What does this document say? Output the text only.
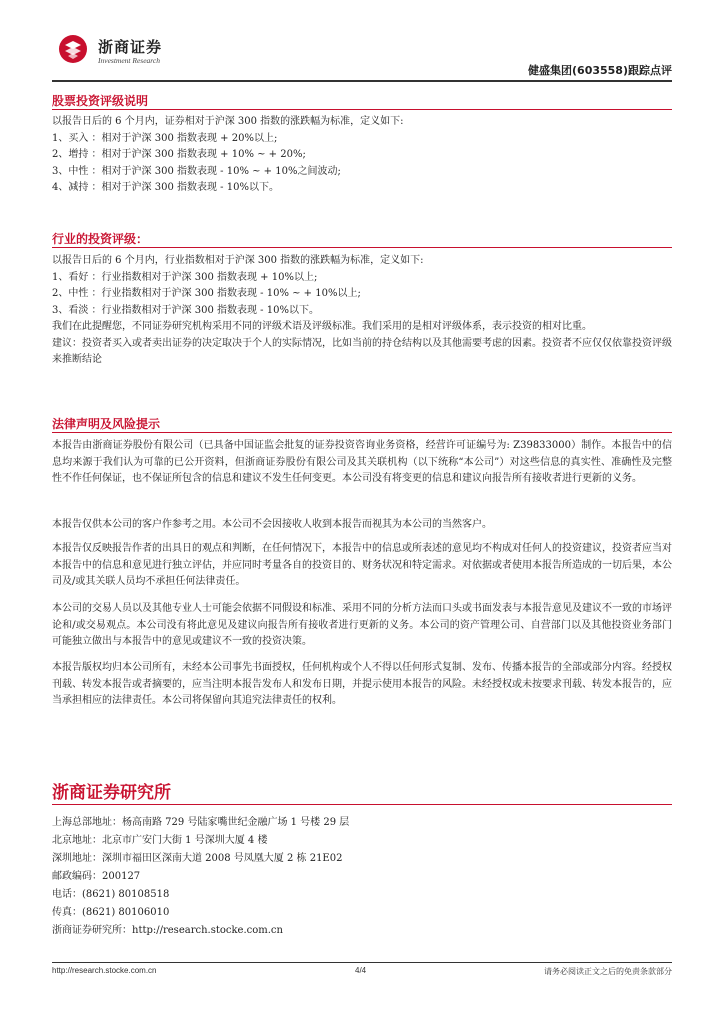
浙商证券
Investment Research
健盛集团(603558)跟踪点评
股票投资评级说明

以报告日后的 6 个月内，证券相对于沪深 300 指数的涨跌幅为标准，定义如下:

1、买入 ：相对于沪深 300 指数表现 + 20%以上;

2、增持 ：相对于沪深 300 指数表现 + 10% ~ + 20%;

3、中性 ：相对于沪深 300 指数表现 - 10% ~ + 10%之间波动;

4、减持 ：相对于沪深 300 指数表现 - 10%以下。

行业的投资评级：

以报告日后的 6 个月内，行业指数相对于沪深 300 指数的涨跌幅为标准，定义如下:

1、看好 ：行业指数相对于沪深 300 指数表现 + 10%以上;

2、中性 ：行业指数相对于沪深 300 指数表现 - 10% ~ + 10%以上;

3、看淡 ：行业指数相对于沪深 300 指数表现 - 10%以下。

我们在此提醒您，不同证券研究机构采用不同的评级术语及评级标准。我们采用的是相对评级体系，表示投资的相对比重。

建议：投资者买入或者卖出证券的决定取决于个人的实际情况，比如当前的持仓结构以及其他需要考虑的因素。投资者不应仅仅依靠投资评级来推断结论

法律声明及风险提示

本报告由浙商证券股份有限公司（已具备中国证监会批复的证券投资咨询业务资格，经营许可证编号为: Z39833000）制作。本报告中的信息均来源于我们认为可靠的已公开资料，但浙商证券股份有限公司及其关联机构（以下统称“本公司”）对这些信息的真实性、准确性及完整性不作任何保证，也不保证所包含的信息和建议不发生任何变更。本公司没有将变更的信息和建议向报告所有接收者进行更新的义务。

本报告仅供本公司的客户作参考之用。本公司不会因接收人收到本报告而视其为本公司的当然客户。

本报告仅反映报告作者的出具日的观点和判断，在任何情况下，本报告中的信息或所表述的意见均不构成对任何人的投资建议，投资者应当对本报告中的信息和意见进行独立评估，并应同时考量各自的投资目的、财务状况和特定需求。对依据或者使用本报告所造成的一切后果，本公司及/或其关联人员均不承担任何法律责任。

本公司的交易人员以及其他专业人士可能会依据不同假设和标准、采用不同的分析方法而口头或书面发表与本报告意见及建议不一致的市场评论和/或交易观点。本公司没有将此意见及建议向报告所有接收者进行更新的义务。本公司的资产管理公司、自营部门以及其他投资业务部门可能独立做出与本报告中的意见或建议不一致的投资决策。

本报告版权均归本公司所有，未经本公司事先书面授权，任何机构或个人不得以任何形式复制、发布、传播本报告的全部或部分内容。经授权刊载、转发本报告或者摘要的，应当注明本报告发布人和发布日期，并提示使用本报告的风险。未经授权或未按要求刊载、转发本报告的，应当承担相应的法律责任。本公司将保留向其追究法律责任的权利。

浙商证券研究所

上海总部地址：杨高南路 729 号陆家嘴世纪金融广场 1 号楼 29 层

北京地址：北京市广安门大街 1 号深圳大厦 4 楼

深圳地址：深圳市福田区深南大道 2008 号凤凰大厦 2 栋 21E02

邮政编码：200127

电话：(8621) 80108518

传真：(8621) 80106010

浙商证券研究所：http://research.stocke.com.cn

http://research.stocke.com.cn	4/4	请务必阅读正文之后的免责条款部分
